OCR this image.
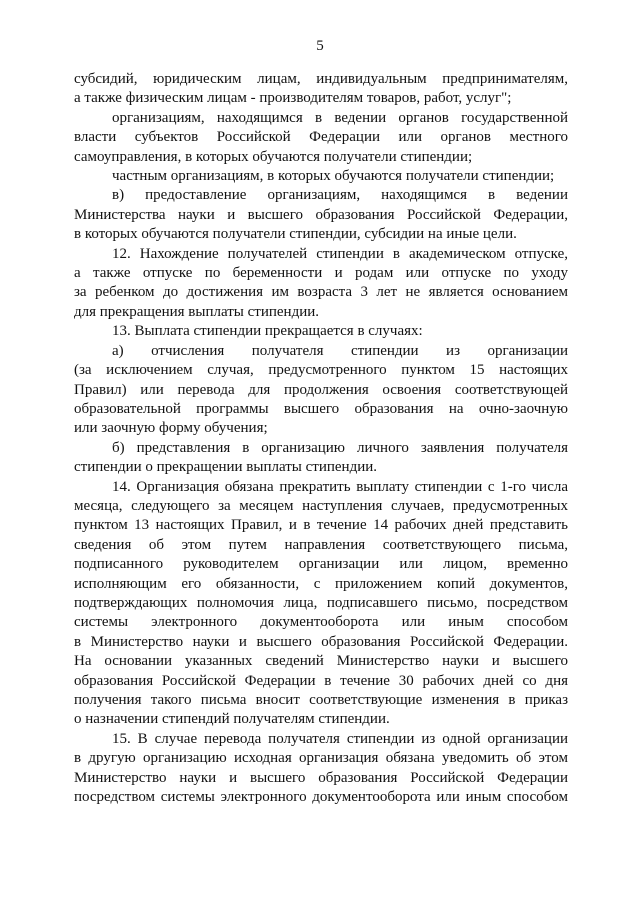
5

субсидий, юридическим лицам, индивидуальным предпринимателям,

а также физическим лицам - производителям товаров, работ, услуг";

организациям, находящимся в ведении органов государственной

власти субъектов Российской Федерации или органов местного

самоуправления, в которых обучаются получатели стипендии;

частным организациям, в которых обучаются получатели стипендии;

в) предоставление организациям, находящимся в ведении

Министерства науки и высшего образования Российской Федерации,

в которых обучаются получатели стипендии, субсидии на иные цели.

12. Нахождение получателей стипендии в академическом отпуске,

а также отпуске по беременности и родам или отпуске по уходу

за ребенком до достижения им возраста 3 лет не является основанием

для прекращения выплаты стипендии.

13. Выплата стипендии прекращается в случаях:

а) отчисления получателя стипендии из организации

(за исключением случая, предусмотренного пунктом 15 настоящих

Правил) или перевода для продолжения освоения соответствующей

образовательной программы высшего образования на очно-заочную

или заочную форму обучения;

б) представления в организацию личного заявления получателя

стипендии о прекращении выплаты стипендии.

14. Организация обязана прекратить выплату стипендии с 1-го числа

месяца, следующего за месяцем наступления случаев, предусмотренных

пунктом 13 настоящих Правил, и в течение 14 рабочих дней представить

сведения об этом путем направления соответствующего письма,

подписанного руководителем организации или лицом, временно

исполняющим его обязанности, с приложением копий документов,

подтверждающих полномочия лица, подписавшего письмо, посредством

системы электронного документооборота или иным способом

в Министерство науки и высшего образования Российской Федерации.

На основании указанных сведений Министерство науки и высшего

образования Российской Федерации в течение 30 рабочих дней со дня

получения такого письма вносит соответствующие изменения в приказ

о назначении стипендий получателям стипендии.

15. В случае перевода получателя стипендии из одной организации

в другую организацию исходная организация обязана уведомить об этом

Министерство науки и высшего образования Российской Федерации

посредством системы электронного документооборота или иным способом
